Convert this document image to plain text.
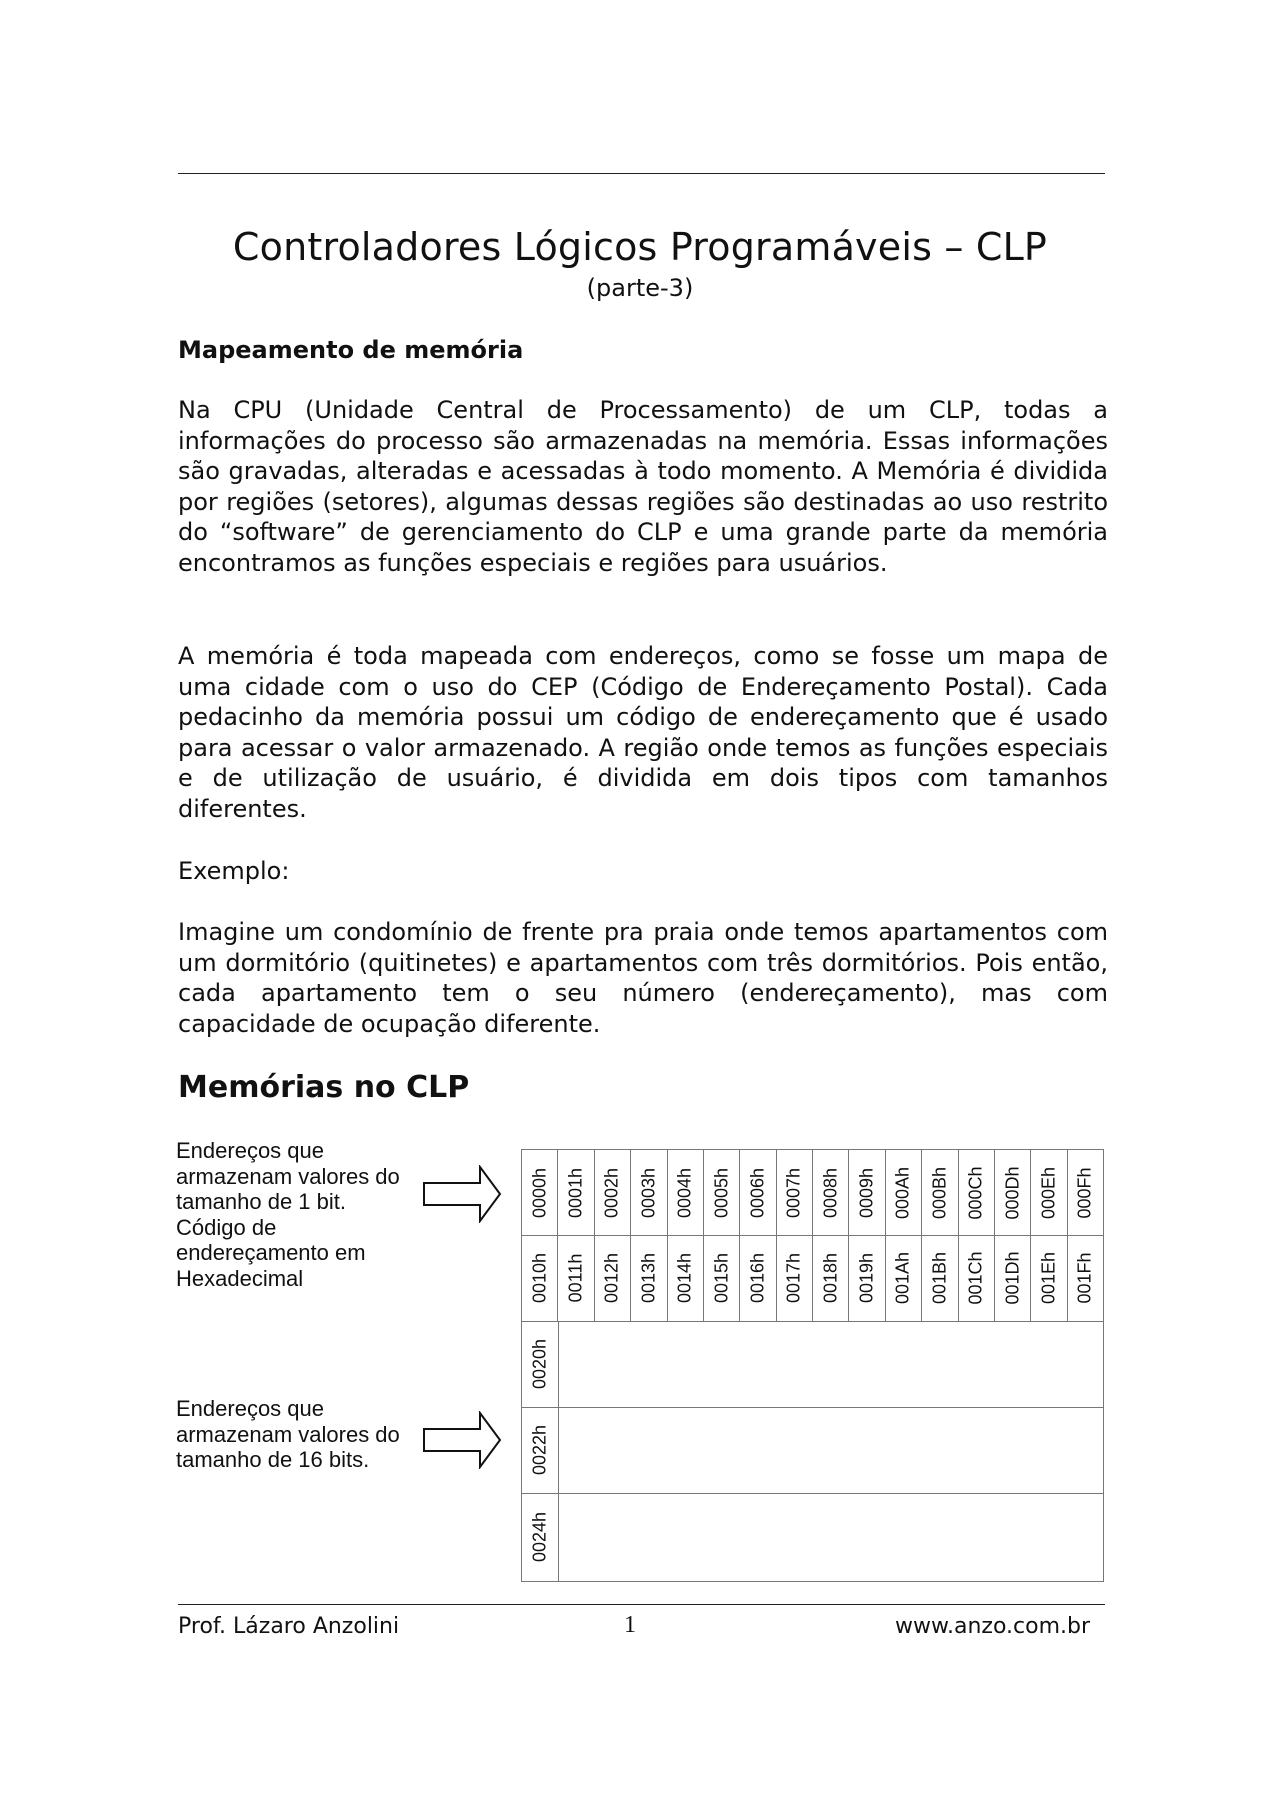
Controladores Lógicos Programáveis – CLP
(parte-3)
Mapeamento de memória

Na CPU (Unidade Central de Processamento) de um CLP, todas a informações do processo são armazenadas na memória. Essas informações são gravadas, alteradas e acessadas à todo momento. A Memória é dividida por regiões (setores), algumas dessas regiões são destinadas ao uso restrito do “software” de gerenciamento do CLP e uma grande parte da memória encontramos as funções especiais e regiões para usuários.

A memória é toda mapeada com endereços, como se fosse um mapa de uma cidade com o uso do CEP (Código de Endereçamento Postal). Cada pedacinho da memória possui um código de endereçamento que é usado para acessar o valor armazenado. A região onde temos as funções especiais e de utilização de usuário, é dividida em dois tipos com tamanhos diferentes.

Exemplo:

Imagine um condomínio de frente pra praia onde temos apartamentos com um dormitório (quitinetes) e apartamentos com três dormitórios. Pois então, cada apartamento tem o seu número (endereçamento), mas com capacidade de ocupação diferente.

Memórias no CLP
Endereços que armazenam valores do tamanho de 1 bit. Código de endereçamento em Hexadecimal
Endereços que armazenam valores do tamanho de 16 bits.
0000h 0001h 0002h 0003h 0004h 0005h 0006h 0007h 0008h 0009h 000Ah 000Bh 000Ch 000Dh 000Eh 000Fh
0010h 0011h 0012h 0013h 0014h 0015h 0016h 0017h 0018h 0019h 001Ah 001Bh 001Ch 001Dh 001Eh 001Fh
0020h
0022h
0024h
Prof. Lázaro Anzolini	1	www.anzo.com.br
